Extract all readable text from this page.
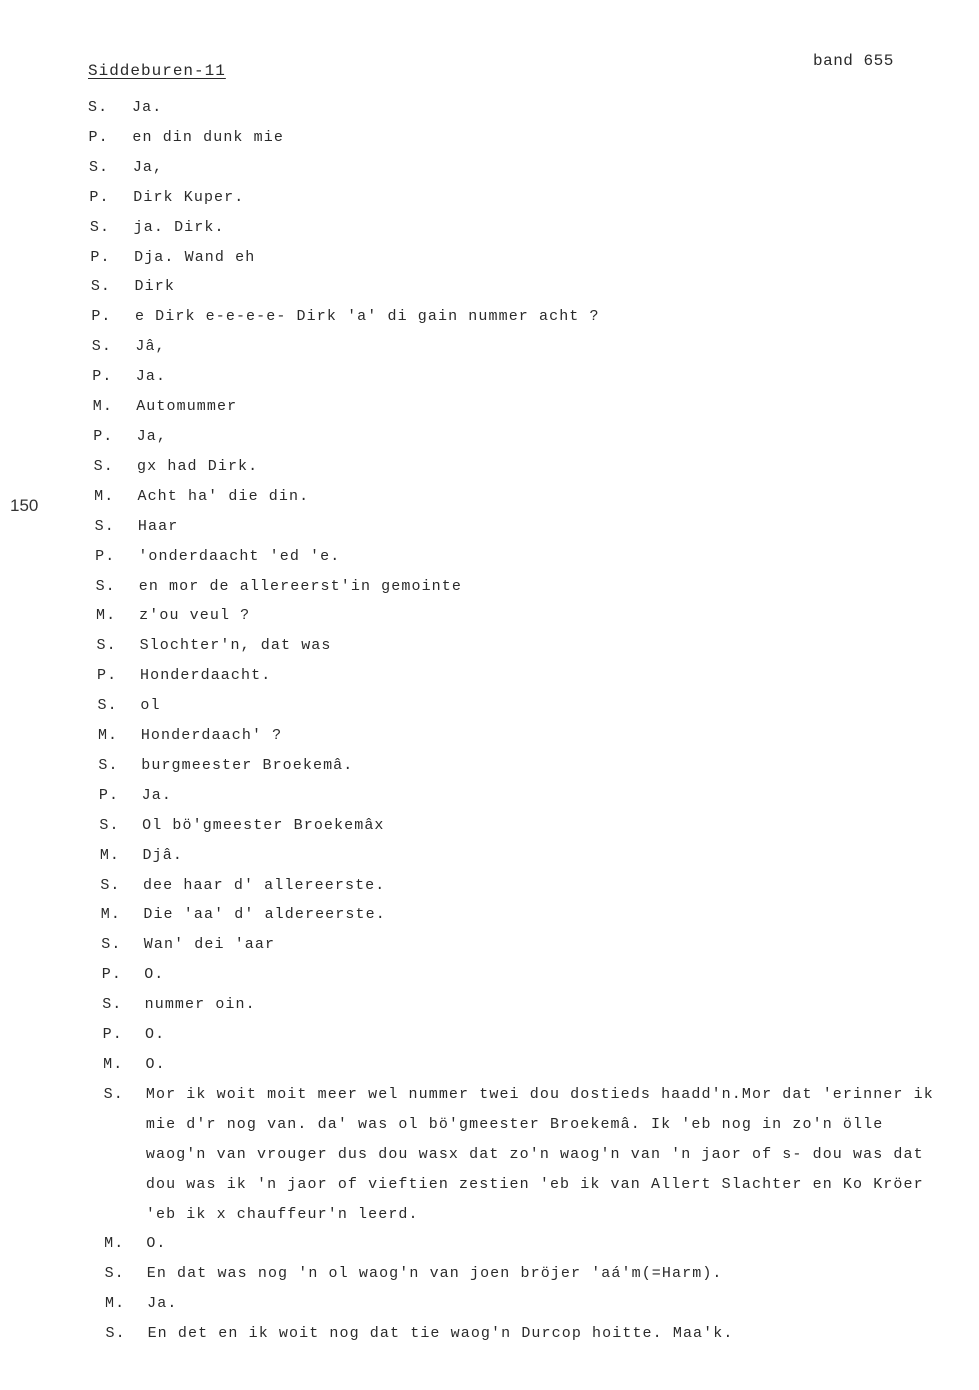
Siddeburen-11
band 655
150
S.	Ja.
P.	en din dunk mie
S.	Ja,
P.	Dirk Kuper.
S.	ja. Dirk.
P.	Dja. Wand eh
S.	Dirk
P.	e Dirk e-e-e-e- Dirk 'a' di gain nummer acht ?
S.	Jâ,
P.	Ja.
M.	Automummer
P.	Ja,
S.	gx had Dirk.
M.	Acht ha' die din.
S.	Haar
P.	'onderdaacht 'ed 'e.
S.	en mor de allereerst'in gemointe
M.	z'ou veul ?
S.	Slochter'n, dat was
P.	Honderdaacht.
S.	ol
M.	Honderdaach' ?
S.	burgmeester Broekemâ.
P.	Ja.
S.	Ol bö'gmeester Broekemâx
M.	Djâ.
S.	dee haar d' allereerste.
M.	Die 'aa' d' aldereerste.
S.	Wan' dei 'aar
P.	O.
S.	nummer oin.
P.	O.
M.	O.
S.	Mor ik woit moit meer wel nummer twei dou dostieds haadd'n.Mor dat 'erinner ik
mie d'r nog van. da' was ol bö'gmeester Broekemâ. Ik 'eb nog in zo'n ölle
waog'n van vrouger dus dou wasx dat zo'n waog'n van 'n jaor of s- dou was dat
dou was ik 'n jaor of vieftien zestien 'eb ik van Allert Slachter en Ko Kröer
'eb ik x chauffeur'n leerd.
M.	O.
S.	En dat was nog 'n ol waog'n van joen bröjer 'aá'm(=Harm).
M.	Ja.
S.	En det en ik woit nog dat tie waog'n Durcop hoitte. Maa'k.
